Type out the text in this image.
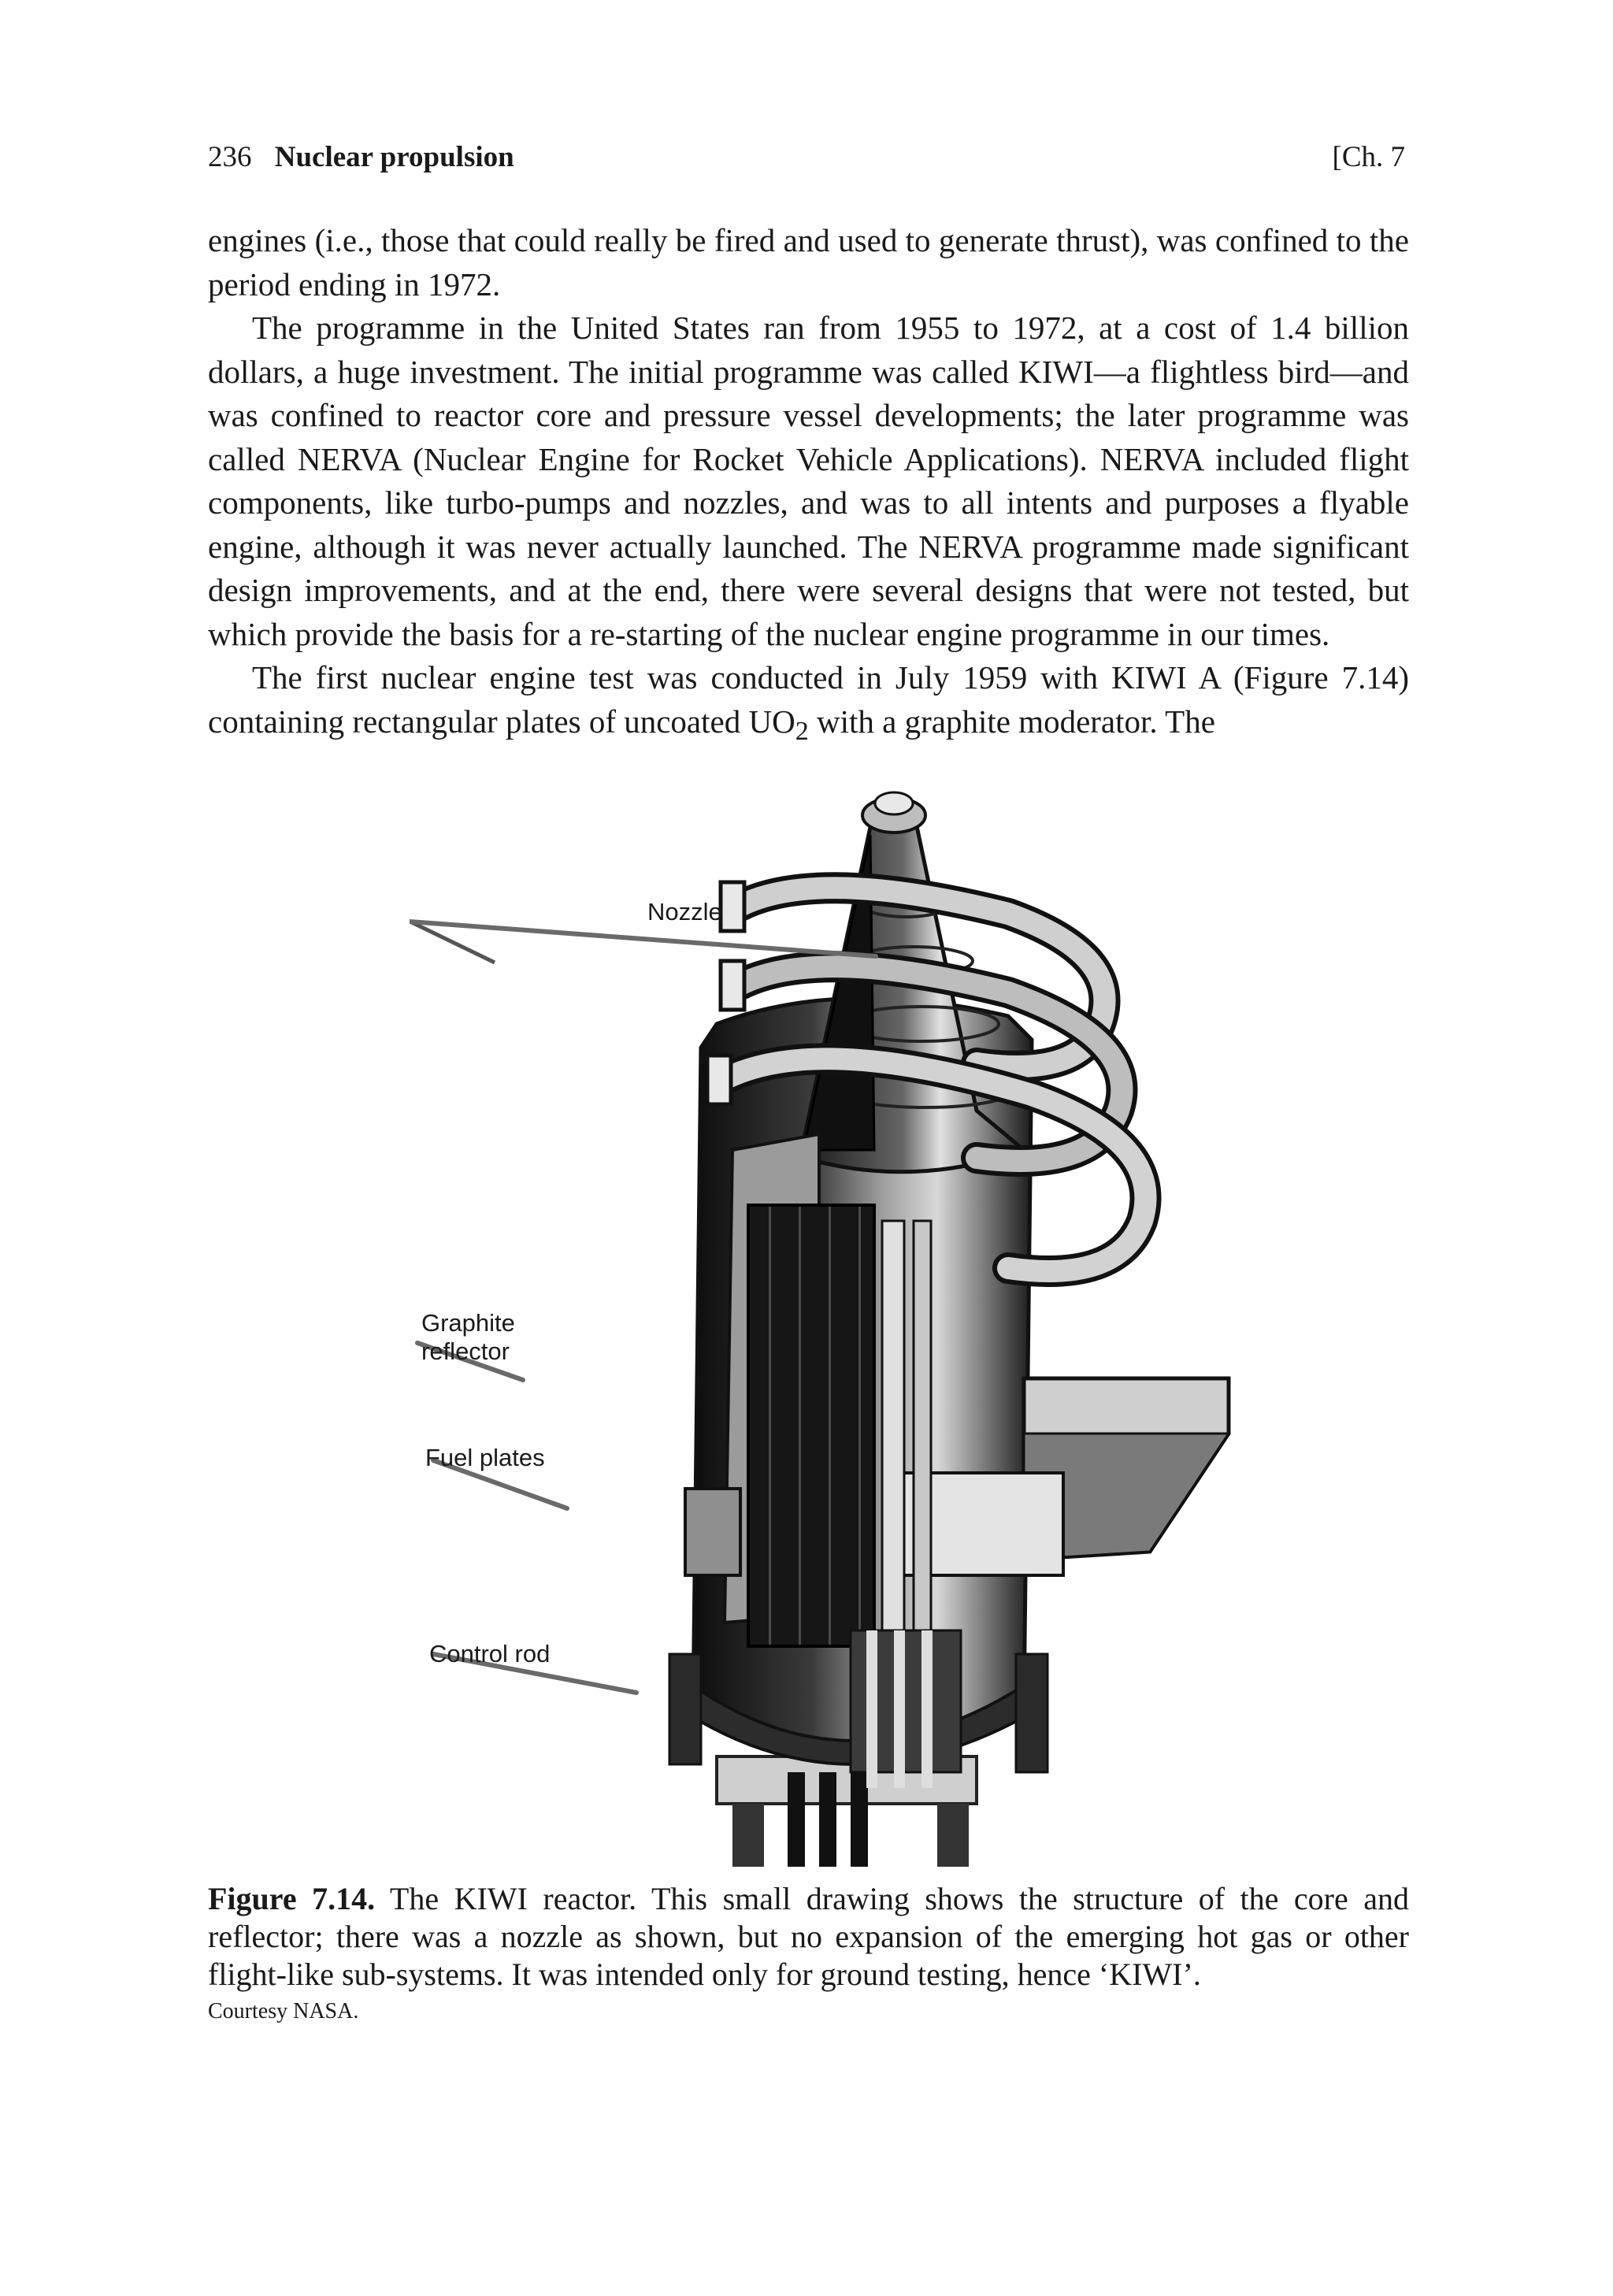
236 Nuclear propulsion	[Ch. 7

engines (i.e., those that could really be fired and used to generate thrust), was confined to the period ending in 1972.

The programme in the United States ran from 1955 to 1972, at a cost of 1.4 billion dollars, a huge investment. The initial programme was called KIWI—a flightless bird—and was confined to reactor core and pressure vessel developments; the later programme was called NERVA (Nuclear Engine for Rocket Vehicle Applications). NERVA included flight components, like turbo-pumps and nozzles, and was to all intents and purposes a flyable engine, although it was never actually launched. The NERVA programme made significant design improvements, and at the end, there were several designs that were not tested, but which provide the basis for a re-starting of the nuclear engine programme in our times.

The first nuclear engine test was conducted in July 1959 with KIWI A (Figure 7.14) containing rectangular plates of uncoated $UO_2$ with a graphite moderator. The

Nozzle
Graphite
reflector
Fuel plates
Control rod
Figure 7.14. The KIWI reactor. This small drawing shows the structure of the core and reflector; there was a nozzle as shown, but no expansion of the emerging hot gas or other flight-like sub-systems. It was intended only for ground testing, hence ‘KIWI’.
Courtesy NASA.
